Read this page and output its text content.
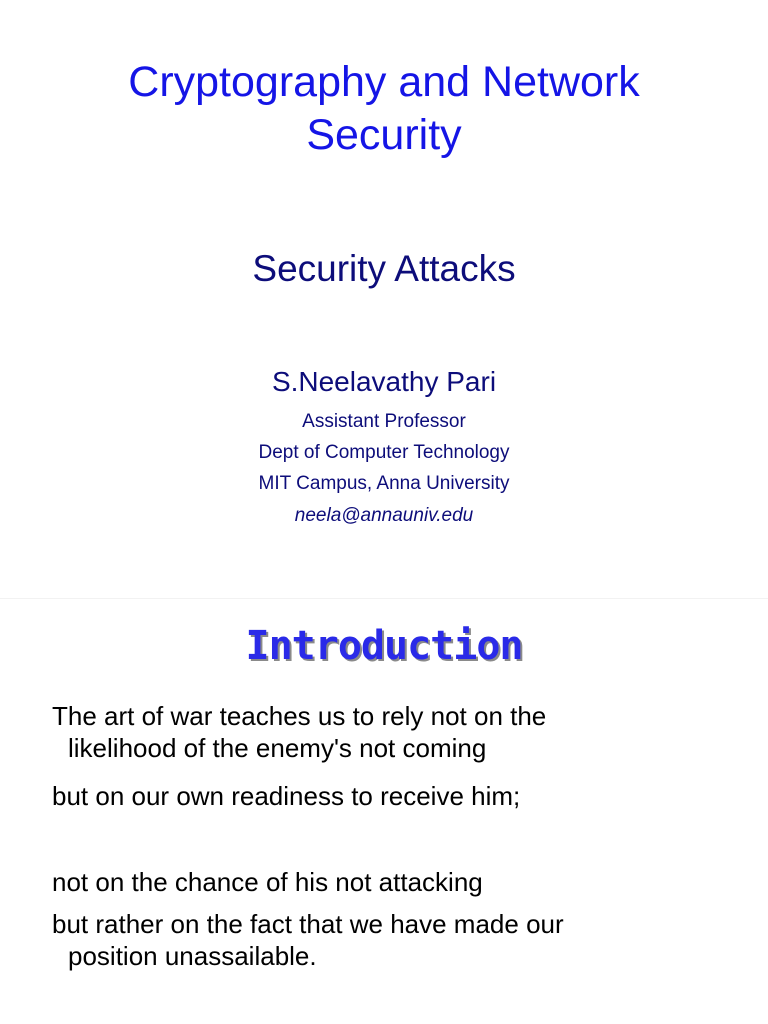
Cryptography and Network
Security
Security Attacks
S.Neelavathy Pari
Assistant Professor
Dept of Computer Technology
MIT Campus, Anna University
neela@annauniv.edu
Introduction
The art of war teaches us to rely not on the
likelihood of the enemy's not coming
but on our own readiness to receive him;
not on the chance of his not attacking
but rather on the fact that we have made our
position unassailable.
